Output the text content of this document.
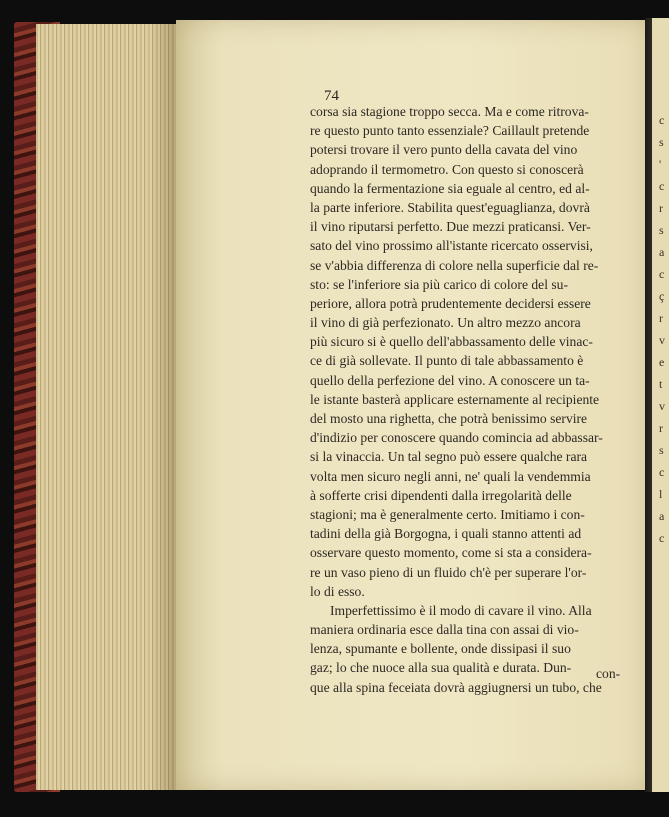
74
corsa sia stagione troppo secca. Ma e come ritrova-
re questo punto tanto essenziale? Caillault pretende
potersi trovare il vero punto della cavata del vino
adoprando il termometro. Con questo si conoscerà
quando la fermentazione sia eguale al centro, ed al-
la parte inferiore. Stabilita quest'eguaglianza, dovrà
il vino riputarsi perfetto. Due mezzi praticansi. Ver-
sato del vino prossimo all'istante ricercato osservisi,
se v'abbia differenza di colore nella superficie dal re-
sto: se l'inferiore sia più carico di colore del su-
periore, allora potrà prudentemente decidersi essere
il vino di già perfezionato. Un altro mezzo ancora
più sicuro si è quello dell'abbassamento delle vinac-
ce di già sollevate. Il punto di tale abbassamento è
quello della perfezione del vino. A conoscere un ta-
le istante basterà applicare esternamente al recipiente
del mosto una righetta, che potrà benissimo servire
d'indizio per conoscere quando comincia ad abbassar-
si la vinaccia. Un tal segno può essere qualche rara
volta men sicuro negli anni, ne' quali la vendemmia
à sofferte crisi dipendenti dalla irregolarità delle
stagioni; ma è generalmente certo. Imitiamo i con-
tadini della già Borgogna, i quali stanno attenti ad
osservare questo momento, come si sta a considera-
re un vaso pieno di un fluido ch'è per superare l'or-
lo di esso.
Imperfettissimo è il modo di cavare il vino. Alla
maniera ordinaria esce dalla tina con assai di vio-
lenza, spumante e bollente, onde dissipasi il suo
gaz; lo che nuoce alla sua qualità e durata. Dun-
que alla spina feceiata dovrà aggiugnersi un tubo, che
con-
c
s
'
c
r
s
a
c
ç
r
v
e
t
v
r
s
c
l
a
c
